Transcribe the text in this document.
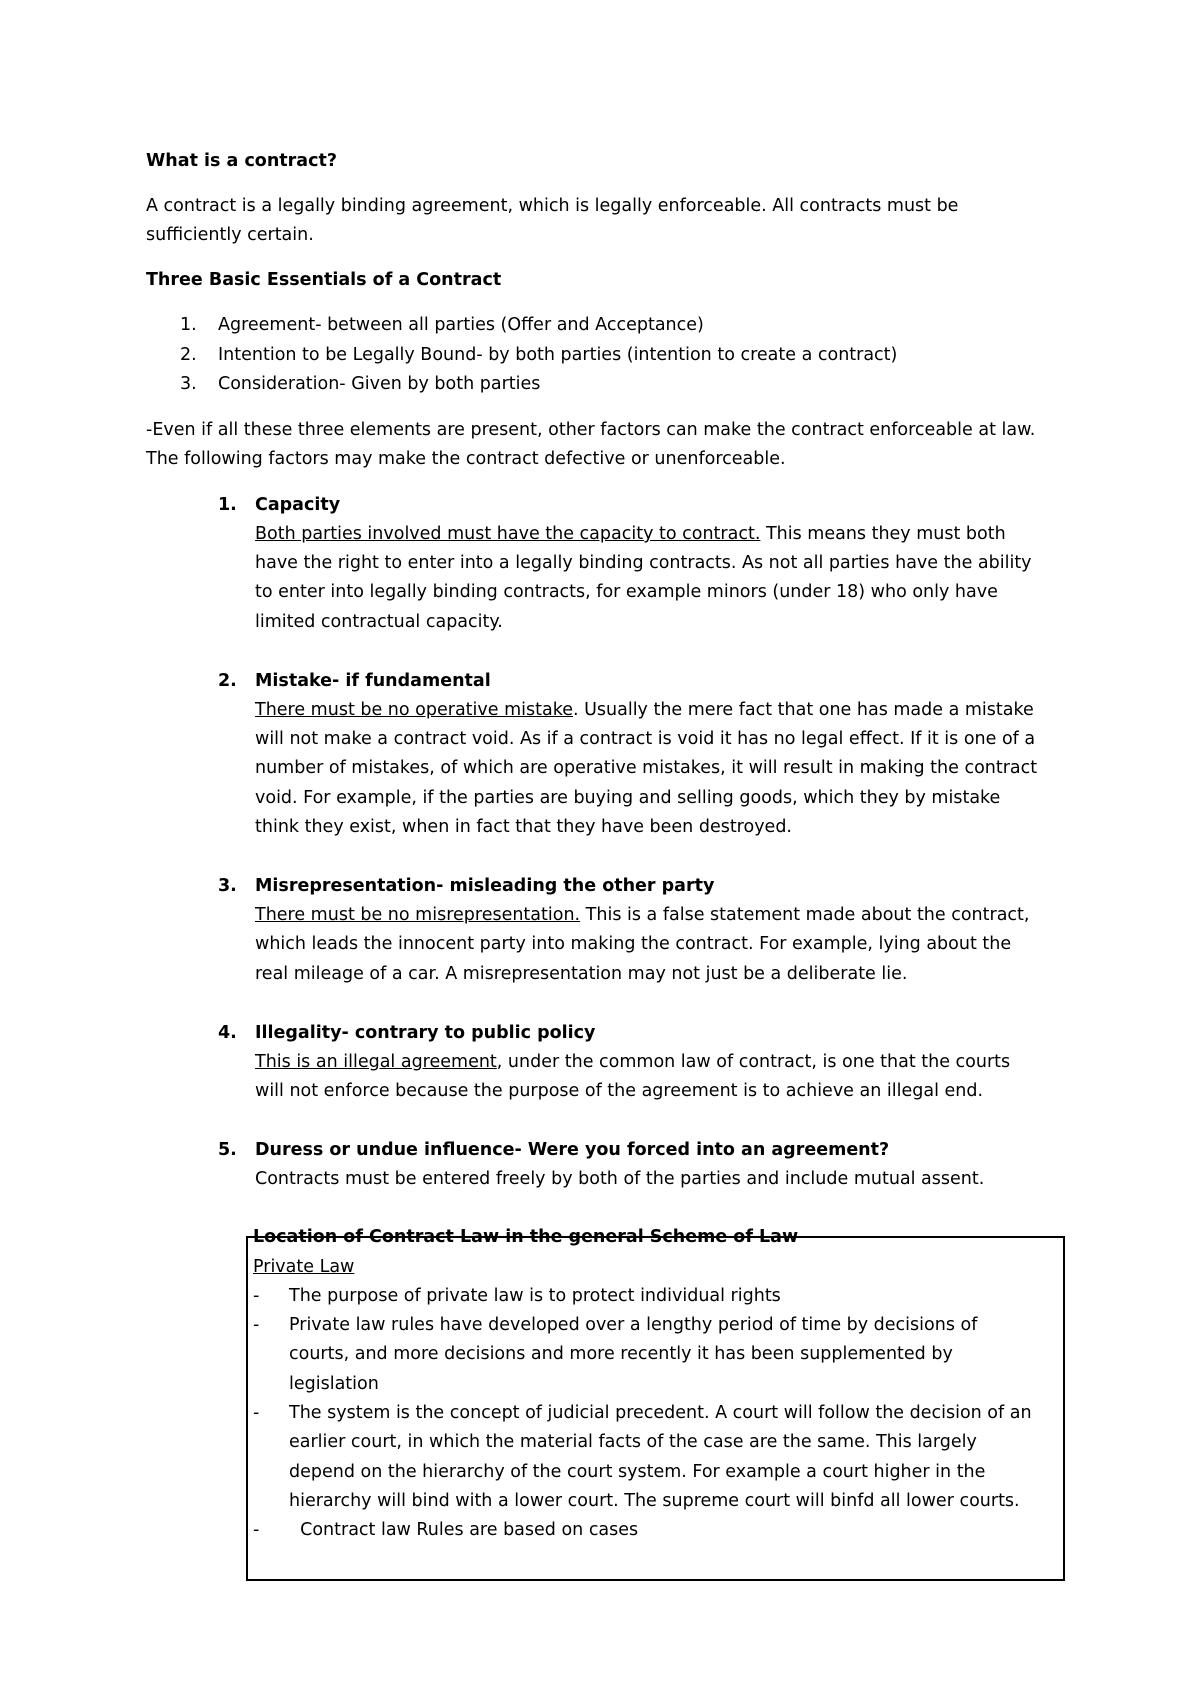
What is a contract?
A contract is a legally binding agreement, which is legally enforceable. All contracts must be
sufficiently certain.
Three Basic Essentials of a Contract
1. Agreement- between all parties (Offer and Acceptance)
2. Intention to be Legally Bound- by both parties (intention to create a contract)
3. Consideration- Given by both parties
-Even if all these three elements are present, other factors can make the contract enforceable at law.
The following factors may make the contract defective or unenforceable.
1. Capacity
Both parties involved must have the capacity to contract. This means they must both
have the right to enter into a legally binding contracts. As not all parties have the ability
to enter into legally binding contracts, for example minors (under 18) who only have
limited contractual capacity.
2. Mistake- if fundamental
There must be no operative mistake. Usually the mere fact that one has made a mistake
will not make a contract void. As if a contract is void it has no legal effect. If it is one of a
number of mistakes, of which are operative mistakes, it will result in making the contract
void. For example, if the parties are buying and selling goods, which they by mistake
think they exist, when in fact that they have been destroyed.
3. Misrepresentation- misleading the other party
There must be no misrepresentation. This is a false statement made about the contract,
which leads the innocent party into making the contract. For example, lying about the
real mileage of a car. A misrepresentation may not just be a deliberate lie.
4. Illegality- contrary to public policy
This is an illegal agreement, under the common law of contract, is one that the courts
will not enforce because the purpose of the agreement is to achieve an illegal end.
5. Duress or undue influence- Were you forced into an agreement?
Contracts must be entered freely by both of the parties and include mutual assent.
Location of Contract Law in the general Scheme of Law
Private Law
- The purpose of private law is to protect individual rights
- Private law rules have developed over a lengthy period of time by decisions of
courts, and more decisions and more recently it has been supplemented by
legislation
- The system is the concept of judicial precedent. A court will follow the decision of an
earlier court, in which the material facts of the case are the same. This largely
depend on the hierarchy of the court system. For example a court higher in the
hierarchy will bind with a lower court. The supreme court will binfd all lower courts.
- Contract law Rules are based on cases
